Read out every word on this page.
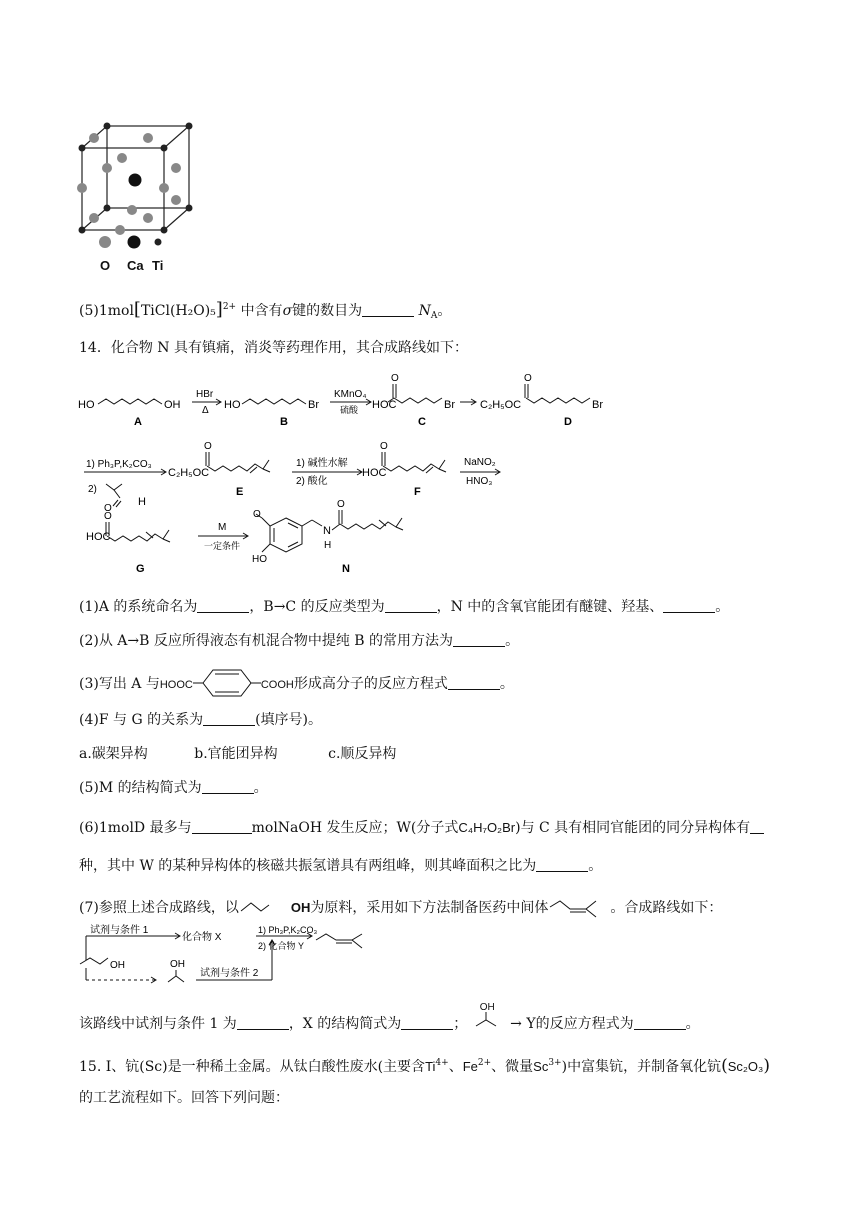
O Ca Ti
(5)1mol[TiCl(H₂O)₅]$^{2+}$ 中含有σ键的数目为	$N_A$。
14．化合物 N 具有镇痛，消炎等药理作用，其合成路线如下：
HO	OH
A
HBr
Δ HO	Br
B
KMnO₄
硫酸
O
HOC	Br
C
O
C₂H₅OC	Br
D
1) Ph₃P,K₂CO₃
2)
O
H
O
C₂H₅OC
E
1) 碱性水解
2) 酸化
O
HOC
F
NaNO₂
HNO₃
O
HOC
G
M
一定条件
O
HO
N
H
O
N
(1)A 的系统命名为	，B→C 的反应类型为	，N 中的含氧官能团有醚键、羟基、	。
(2)从 A→B 反应所得液态有机混合物中提纯 B 的常用方法为	。
(3)写出 A 与HOOC	COOH形成高分子的反应方程式	。
(4)F 与 G 的关系为	(填序号)。
a.碳架异构	b.官能团异构	c.顺反异构
(5)M 的结构简式为	。
(6)1molD 最多与	molNaOH 发生反应；W(分子式C₄H₇O₂Br)与 C 具有相同官能团的同分异构体有
种，其中 W 的某种异构体的核磁共振氢谱具有两组峰，则其峰面积之比为	。
(7)参照上述合成路线，以	OH为原料，采用如下方法制备医药中间体	。合成路线如下：
试剂与条件 1
化合物 X
1) Ph₃P,K₂CO₃
2) 化合物 Y
OH	OH
试剂与条件 2
该路线中试剂与条件 1 为	，X 的结构简式为	；
OH
→ Y的反应方程式为	。
15. I、钪(Sc)是一种稀土金属。从钛白酸性废水(主要含$Ti^{4+}$、$Fe^{2+}$、微量$Sc^{3+}$)中富集钪，并制备氧化钪(Sc₂O₃)
的工艺流程如下。回答下列问题：
